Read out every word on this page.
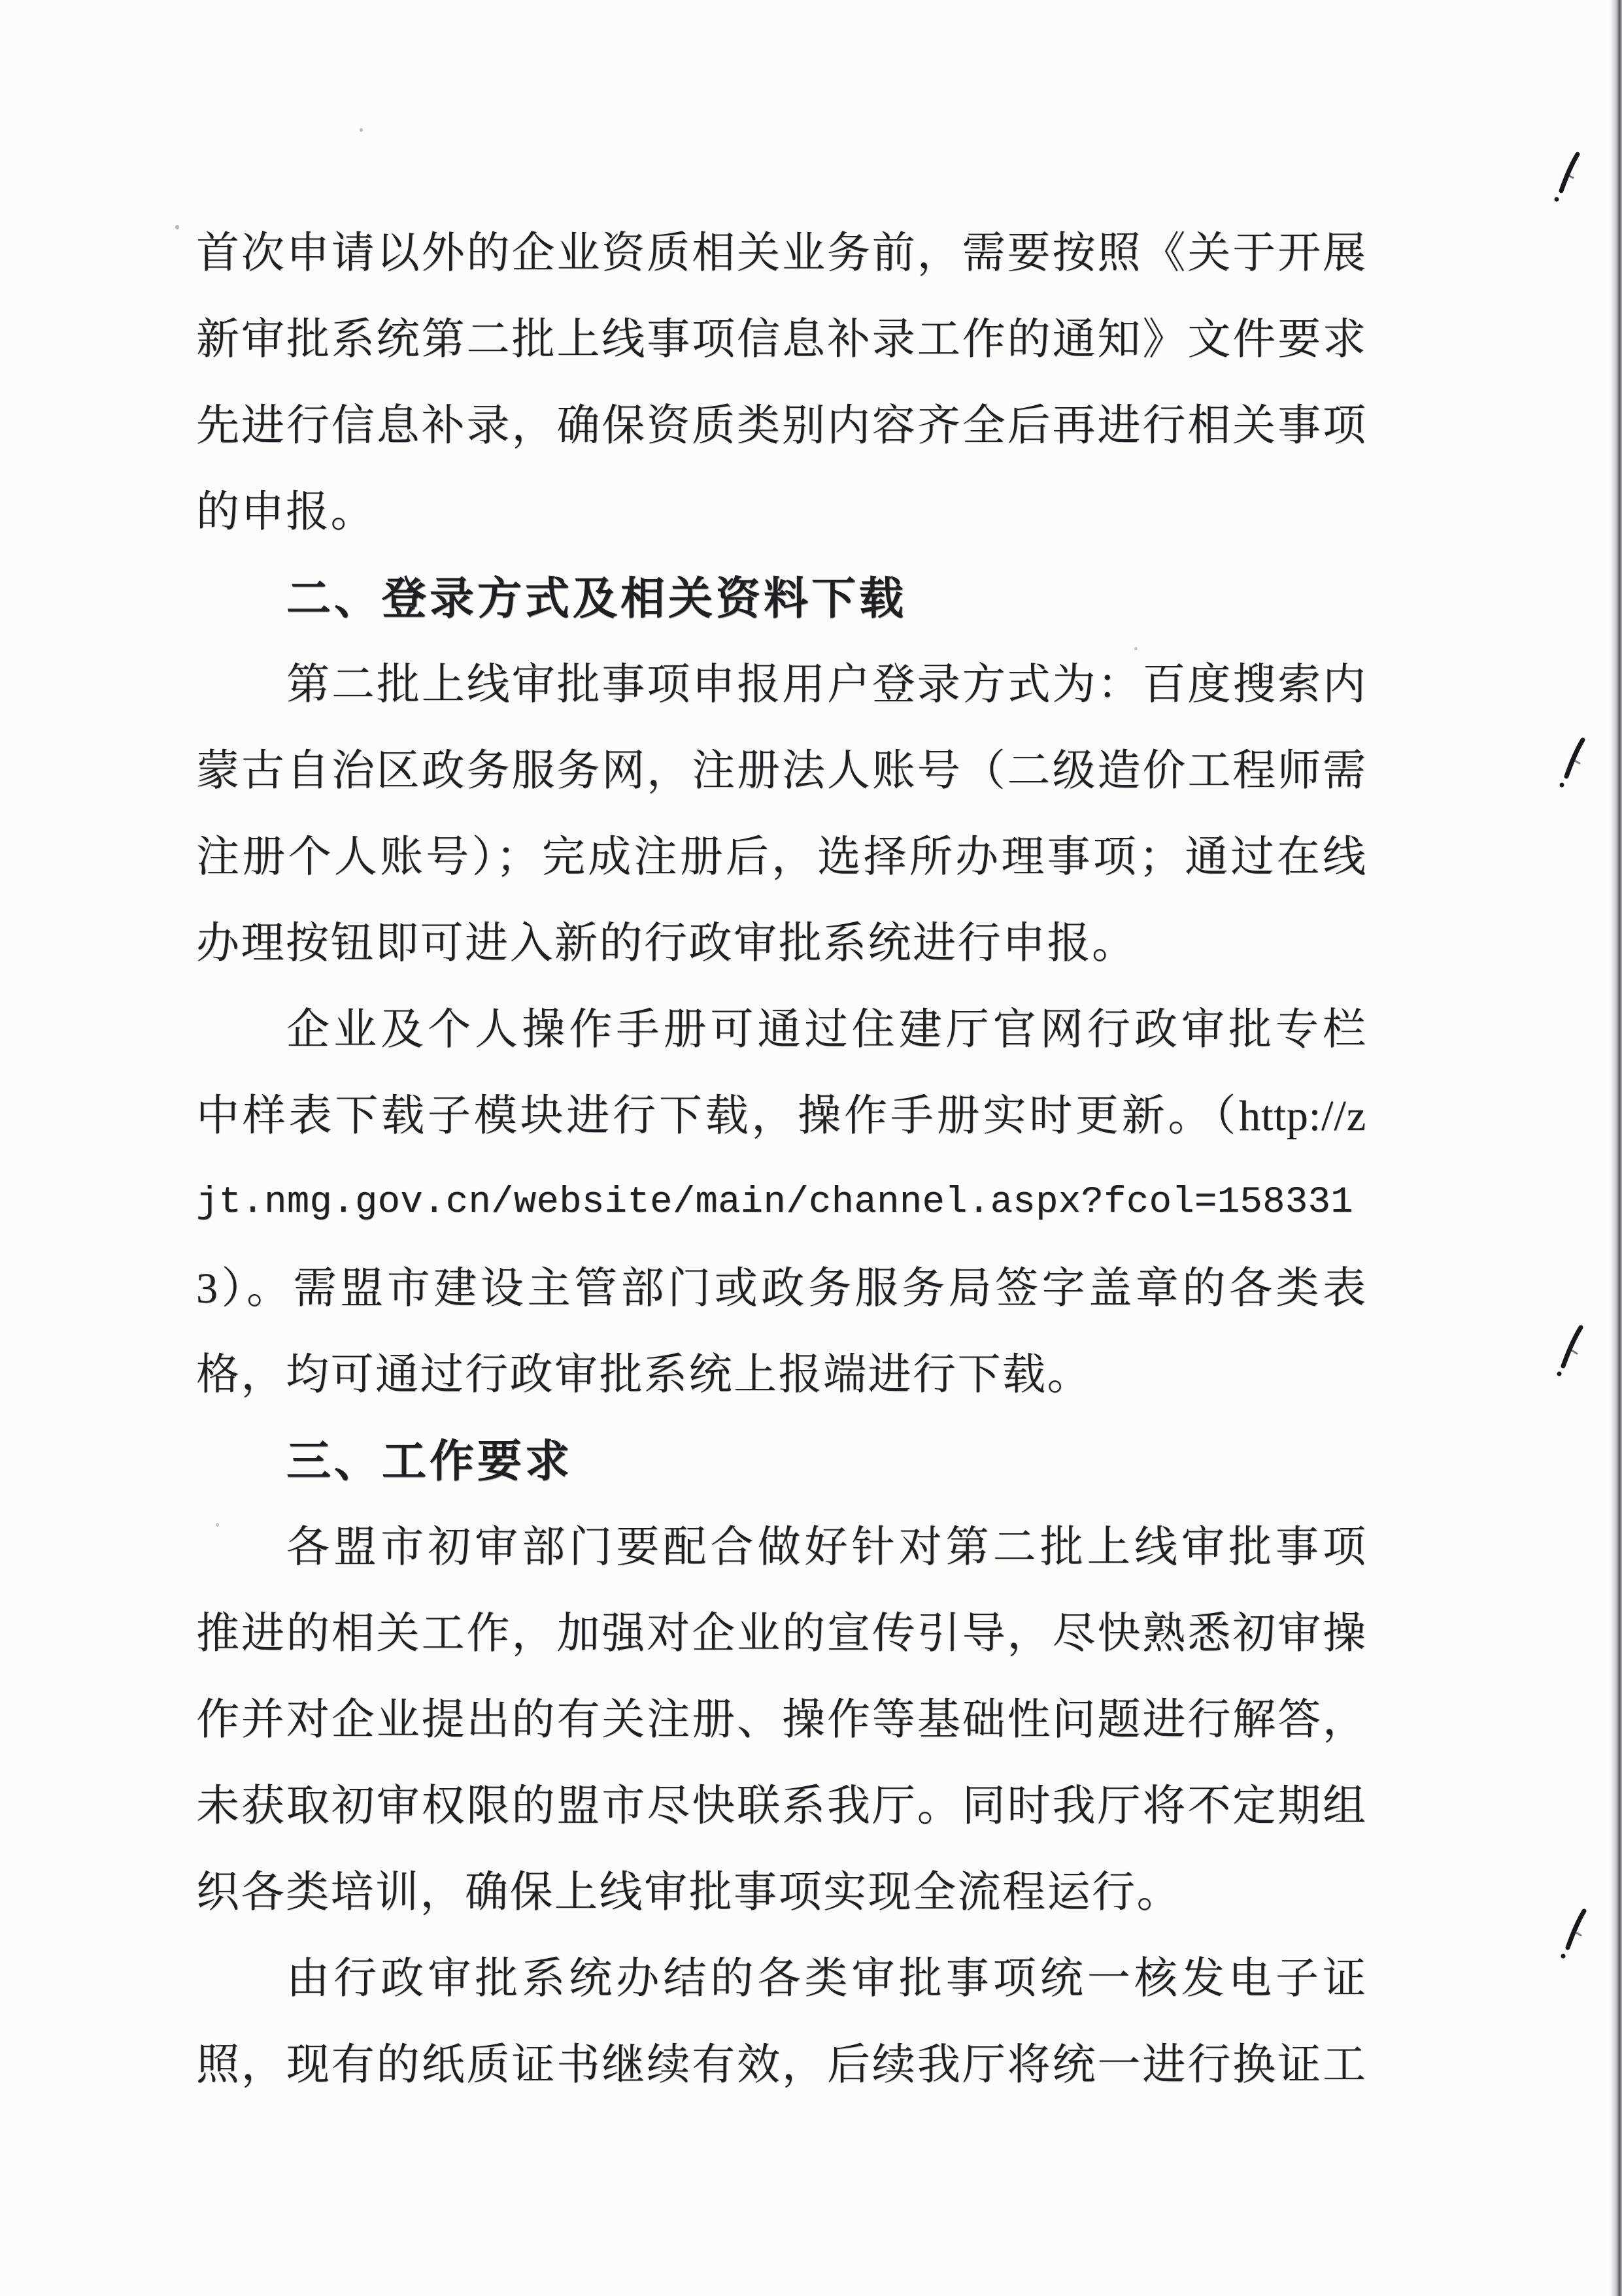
首次申请以外的企业资质相关业务前，需要按照《关于开展
新审批系统第二批上线事项信息补录工作的通知》文件要求
先进行信息补录，确保资质类别内容齐全后再进行相关事项
的申报。
二、登录方式及相关资料下载
第二批上线审批事项申报用户登录方式为：百度搜索内
蒙古自治区政务服务网，注册法人账号（二级造价工程师需
注册个人账号）；完成注册后，选择所办理事项；通过在线
办理按钮即可进入新的行政审批系统进行申报。
企业及个人操作手册可通过住建厅官网行政审批专栏
中样表下载子模块进行下载，操作手册实时更新。（http://z
jt.nmg.gov.cn/website/main/channel.aspx?fcol=158331
3）。需盟市建设主管部门或政务服务局签字盖章的各类表
格，均可通过行政审批系统上报端进行下载。
三、工作要求
各盟市初审部门要配合做好针对第二批上线审批事项
推进的相关工作，加强对企业的宣传引导，尽快熟悉初审操
作并对企业提出的有关注册、操作等基础性问题进行解答，
未获取初审权限的盟市尽快联系我厅。同时我厅将不定期组
织各类培训，确保上线审批事项实现全流程运行。
由行政审批系统办结的各类审批事项统一核发电子证
照，现有的纸质证书继续有效，后续我厅将统一进行换证工
